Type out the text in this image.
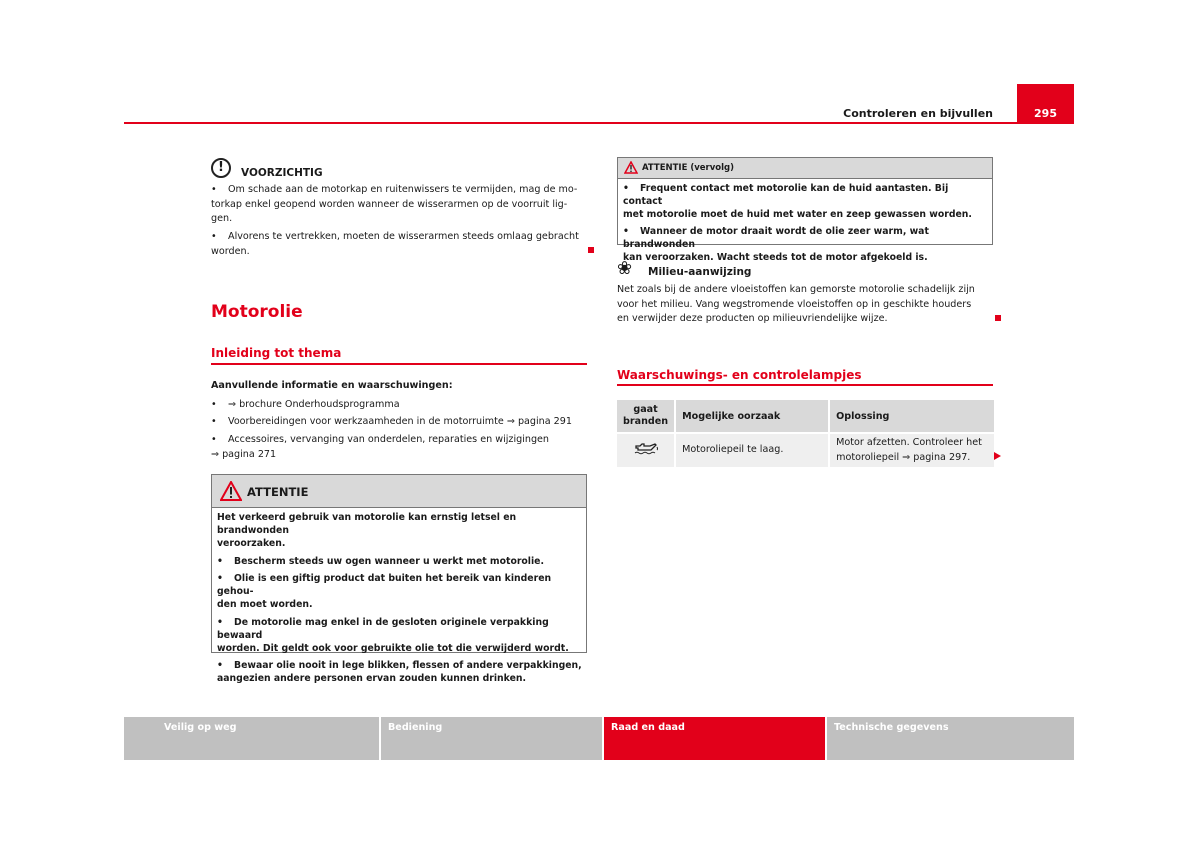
295
Controleren en bijvullen
!	VOORZICHTIG
• Om schade aan de motorkap en ruitenwissers te vermijden, mag de mo-
torkap enkel geopend worden wanneer de wisserarmen op de voorruit lig-
gen.
• Alvorens te vertrekken, moeten de wisserarmen steeds omlaag gebracht
worden.
Motorolie
Inleiding tot thema
Aanvullende informatie en waarschuwingen:
• ⇒ brochure Onderhoudsprogramma
• Voorbereidingen voor werkzaamheden in de motorruimte ⇒ pagina 291
• Accessoires, vervanging van onderdelen, reparaties en wijzigingen
⇒ pagina 271
ATTENTIE

Het verkeerd gebruik van motorolie kan ernstig letsel en brandwonden
veroorzaken.

• Bescherm steeds uw ogen wanneer u werkt met motorolie.

• Olie is een giftig product dat buiten het bereik van kinderen gehou-
den moet worden.

• De motorolie mag enkel in de gesloten originele verpakking bewaard
worden. Dit geldt ook voor gebruikte olie tot die verwijderd wordt.

• Bewaar olie nooit in lege blikken, flessen of andere verpakkingen,
aangezien andere personen ervan zouden kunnen drinken.

ATTENTIE (vervolg)

• Frequent contact met motorolie kan de huid aantasten. Bij contact
met motorolie moet de huid met water en zeep gewassen worden.

• Wanneer de motor draait wordt de olie zeer warm, wat brandwonden
kan veroorzaken. Wacht steeds tot de motor afgekoeld is.

❀ Milieu-aanwijzing
Net zoals bij de andere vloeistoffen kan gemorste motorolie schadelijk zijn
voor het milieu. Vang wegstromende vloeistoffen op in geschikte houders
en verwijder deze producten op milieuvriendelijke wijze.
Waarschuwings- en controlelampjes
gaat branden	Mogelijke oorzaak	Oplossing
	Motoroliepeil te laag.	Motor afzetten. Controleer het
motoroliepeil ⇒ pagina 297.
Veilig op weg	Bediening	Raad en daad	Technische gegevens
